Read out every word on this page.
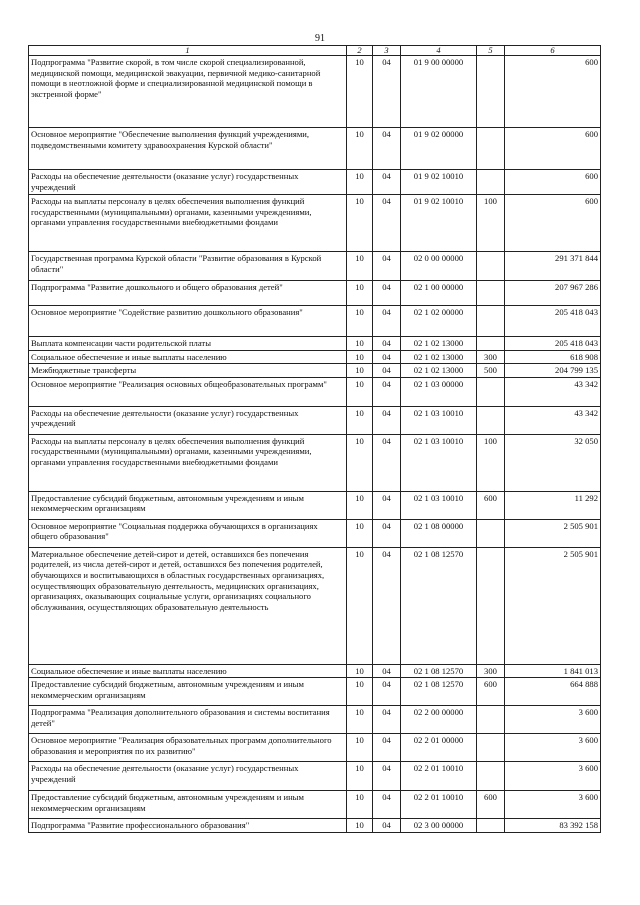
91
1	2	3	4	5	6
Подпрограмма "Развитие скорой, в том числе скорой специализированной, медицинской помощи, медицинской эвакуации, первичной медико-санитарной помощи в неотложной форме и специализированной медицинской помощи в экстренной форме"	10	04	01 9 00 00000		600
Основное мероприятие "Обеспечение выполнения функций учреждениями, подведомственными комитету здравоохранения Курской области"	10	04	01 9 02 00000		600
Расходы на обеспечение деятельности (оказание услуг) государственных учреждений	10	04	01 9 02 10010		600
Расходы на выплаты персоналу в целях обеспечения выполнения функций государственными (муниципальными) органами, казенными учреждениями, органами управления государственными внебюджетными фондами	10	04	01 9 02 10010	100	600
Государственная программа Курской области "Развитие образования в Курской области"	10	04	02 0 00 00000		291 371 844
Подпрограмма "Развитие дошкольного и общего образования детей"	10	04	02 1 00 00000		207 967 286
Основное мероприятие "Содействие развитию дошкольного образования"	10	04	02 1 02 00000		205 418 043
Выплата компенсации части родительской платы	10	04	02 1 02 13000		205 418 043
Социальное обеспечение и иные выплаты населению	10	04	02 1 02 13000	300	618 908
Межбюджетные трансферты	10	04	02 1 02 13000	500	204 799 135
Основное мероприятие "Реализация основных общеобразовательных программ"	10	04	02 1 03 00000		43 342
Расходы на обеспечение деятельности (оказание услуг) государственных учреждений	10	04	02 1 03 10010		43 342
Расходы на выплаты персоналу в целях обеспечения выполнения функций государственными (муниципальными) органами, казенными учреждениями, органами управления государственными внебюджетными фондами	10	04	02 1 03 10010	100	32 050
Предоставление субсидий бюджетным, автономным учреждениям и иным некоммерческим организациям	10	04	02 1 03 10010	600	11 292
Основное мероприятие "Социальная поддержка обучающихся в организациях общего образования"	10	04	02 1 08 00000		2 505 901
Материальное обеспечение детей-сирот и детей, оставшихся без попечения родителей, из числа детей-сирот и детей, оставшихся без попечения родителей, обучающихся и воспитывающихся в областных государственных организациях, осуществляющих образовательную деятельность, медицинских организациях, организациях, оказывающих социальные услуги, организациях социального обслуживания, осуществляющих образовательную деятельность	10	04	02 1 08 12570		2 505 901
Социальное обеспечение и иные выплаты населению	10	04	02 1 08 12570	300	1 841 013
Предоставление субсидий бюджетным, автономным учреждениям и иным некоммерческим организациям	10	04	02 1 08 12570	600	664 888
Подпрограмма "Реализация дополнительного образования и системы воспитания детей"	10	04	02 2 00 00000		3 600
Основное мероприятие "Реализация образовательных программ дополнительного образования и мероприятия по их развитию"	10	04	02 2 01 00000		3 600
Расходы на обеспечение деятельности (оказание услуг) государственных учреждений	10	04	02 2 01 10010		3 600
Предоставление субсидий бюджетным, автономным учреждениям и иным некоммерческим организациям	10	04	02 2 01 10010	600	3 600
Подпрограмма "Развитие профессионального образования"	10	04	02 3 00 00000		83 392 158
